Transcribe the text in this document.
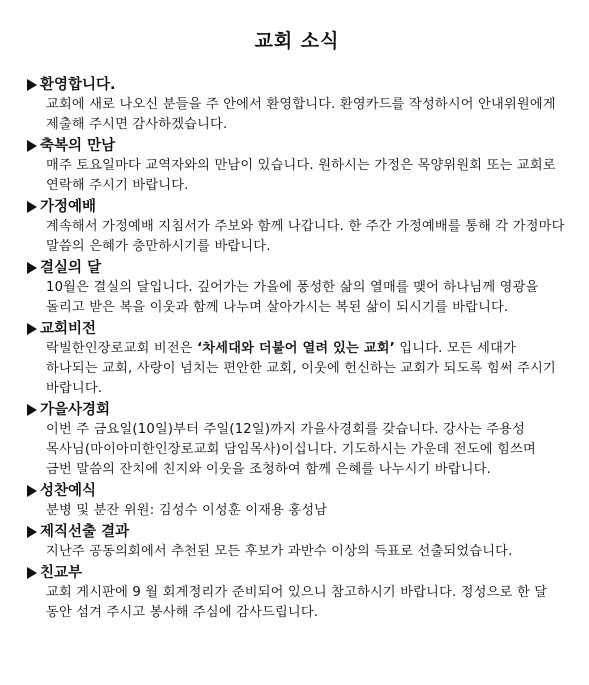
교회 소식
환영합니다.
교회에 새로 나오신 분들을 주 안에서 환영합니다. 환영카드를 작성하시어 안내위원에게 제출해 주시면 감사하겠습니다.
축복의 만남
매주 토요일마다 교역자와의 만남이 있습니다. 원하시는 가정은 목양위원회 또는 교회로 연락해 주시기 바랍니다.
가정예배
계속해서 가정예배 지침서가 주보와 함께 나갑니다. 한 주간 가정예배를 통해 각 가정마다 말씀의 은혜가 충만하시기를 바랍니다.
결실의 달
10월은 결실의 달입니다. 깊어가는 가을에 풍성한 삶의 열매를 맺어 하나님께 영광을 돌리고 받은 복을 이웃과 함께 나누며 살아가시는 복된 삶이 되시기를 바랍니다.
교회비전
락빌한인장로교회 비전은 ‘차세대와 더불어 열려 있는 교회’ 입니다. 모든 세대가 하나되는 교회, 사랑이 넘치는 편안한 교회, 이웃에 헌신하는 교회가 되도록 힘써 주시기 바랍니다.
가을사경회
이번 주 금요일(10일)부터 주일(12일)까지 가을사경회를 갖습니다. 강사는 주용성 목사님(마이아미한인장로교회 담임목사)이십니다. 기도하시는 가운데 전도에 힘쓰며 금번 말씀의 잔치에 친지와 이웃을 조청하여 함께 은혜를 나누시기 바랍니다.
성찬예식
분병 및 분잔 위원: 김성수 이성훈 이재용 홍성남
제직선출 결과
지난주 공동의회에서 추천된 모든 후보가 과반수 이상의 득표로 선출되었습니다.
친교부
교회 게시판에 9 월 회계정리가 준비되어 있으니 참고하시기 바랍니다. 정성으로 한 달 동안 섬겨 주시고 봉사해 주심에 감사드립니다.
